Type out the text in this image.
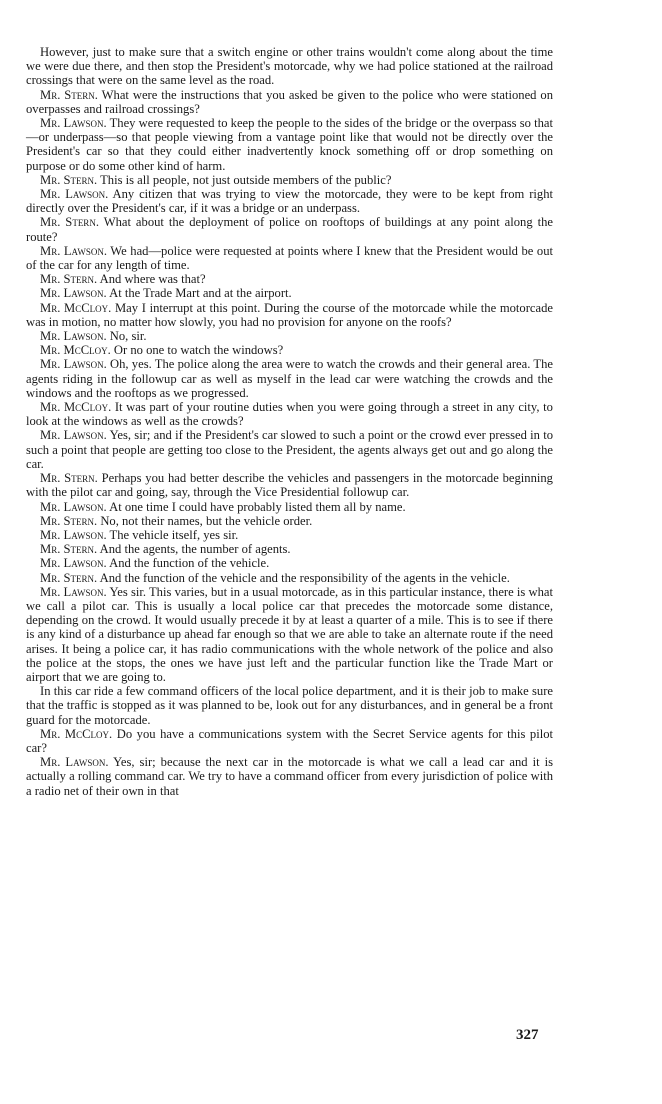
However, just to make sure that a switch engine or other trains wouldn't come along about the time we were due there, and then stop the President's motorcade, why we had police stationed at the railroad crossings that were on the same level as the road.

Mr. Stern. What were the instructions that you asked be given to the police who were stationed on overpasses and railroad crossings?

Mr. Lawson. They were requested to keep the people to the sides of the bridge or the overpass so that—or underpass—so that people viewing from a vantage point like that would not be directly over the President's car so that they could either inadvertently knock something off or drop something on purpose or do some other kind of harm.

Mr. Stern. This is all people, not just outside members of the public?

Mr. Lawson. Any citizen that was trying to view the motorcade, they were to be kept from right directly over the President's car, if it was a bridge or an underpass.

Mr. Stern. What about the deployment of police on rooftops of buildings at any point along the route?

Mr. Lawson. We had—police were requested at points where I knew that the President would be out of the car for any length of time.

Mr. Stern. And where was that?

Mr. Lawson. At the Trade Mart and at the airport.

Mr. McCloy. May I interrupt at this point. During the course of the motorcade while the motorcade was in motion, no matter how slowly, you had no provision for anyone on the roofs?

Mr. Lawson. No, sir.

Mr. McCloy. Or no one to watch the windows?

Mr. Lawson. Oh, yes. The police along the area were to watch the crowds and their general area. The agents riding in the followup car as well as myself in the lead car were watching the crowds and the windows and the rooftops as we progressed.

Mr. McCloy. It was part of your routine duties when you were going through a street in any city, to look at the windows as well as the crowds?

Mr. Lawson. Yes, sir; and if the President's car slowed to such a point or the crowd ever pressed in to such a point that people are getting too close to the President, the agents always get out and go along the car.

Mr. Stern. Perhaps you had better describe the vehicles and passengers in the motorcade beginning with the pilot car and going, say, through the Vice Presidential followup car.

Mr. Lawson. At one time I could have probably listed them all by name.

Mr. Stern. No, not their names, but the vehicle order.

Mr. Lawson. The vehicle itself, yes sir.

Mr. Stern. And the agents, the number of agents.

Mr. Lawson. And the function of the vehicle.

Mr. Stern. And the function of the vehicle and the responsibility of the agents in the vehicle.

Mr. Lawson. Yes sir. This varies, but in a usual motorcade, as in this particular instance, there is what we call a pilot car. This is usually a local police car that precedes the motorcade some distance, depending on the crowd. It would usually precede it by at least a quarter of a mile. This is to see if there is any kind of a disturbance up ahead far enough so that we are able to take an alternate route if the need arises. It being a police car, it has radio communications with the whole network of the police and also the police at the stops, the ones we have just left and the particular function like the Trade Mart or airport that we are going to.

In this car ride a few command officers of the local police department, and it is their job to make sure that the traffic is stopped as it was planned to be, look out for any disturbances, and in general be a front guard for the motorcade.

Mr. McCloy. Do you have a communications system with the Secret Service agents for this pilot car?

Mr. Lawson. Yes, sir; because the next car in the motorcade is what we call a lead car and it is actually a rolling command car. We try to have a command officer from every jurisdiction of police with a radio net of their own in that

327
